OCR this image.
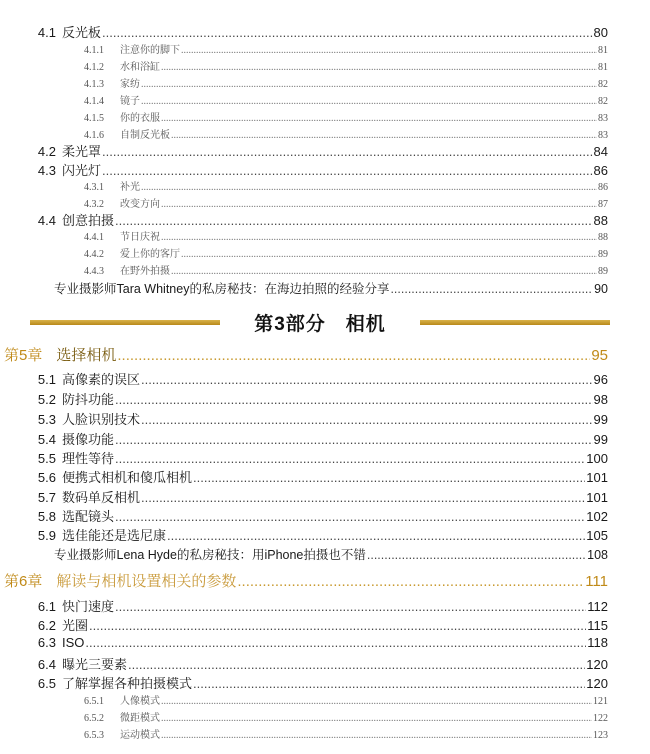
4.1 反光板 .....	80
4.1.1	注意你的脚下 .....	81
4.1.2	水和浴缸 .....	81
4.1.3	家纺 .....	82
4.1.4	镜子 .....	82
4.1.5	你的衣服 .....	83
4.1.6	自制反光板 .....	83
4.2 柔光罩 .....	84
4.3 闪光灯 .....	86
4.3.1	补光 .....	86
4.3.2	改变方向 .....	87
4.4 创意拍摄 .....	88
4.4.1	节日庆祝 .....	88
4.4.2	爱上你的客厅 .....	89
4.4.3	在野外拍摄 .....	89
专业摄影师Tara Whitney的私房秘技：在海边拍照的经验分享 .....	90
第3部分　相机
第5章 选择相机 .....	95
5.1 高像素的误区 .....	96
5.2 防抖功能 .....	98
5.3 人脸识别技术 .....	99
5.4 摄像功能 .....	99
5.5 理性等待 .....	100
5.6 便携式相机和傻瓜相机 .....	101
5.7 数码单反相机 .....	101
5.8 选配镜头 .....	102
5.9 选佳能还是选尼康 .....	105
专业摄影师Lena Hyde的私房秘技：用iPhone拍摄也不错 .....	108
第6章 解读与相机设置相关的参数 .....	111
6.1 快门速度 .....	112
6.2 光圈 .....	115
6.3 ISO .....	118
6.4 曝光三要素 .....	120
6.5 了解掌握各种拍摄模式 .....	120
6.5.1	人像模式 .....	121
6.5.2	微距模式 .....	122
6.5.3	运动模式 .....	123
